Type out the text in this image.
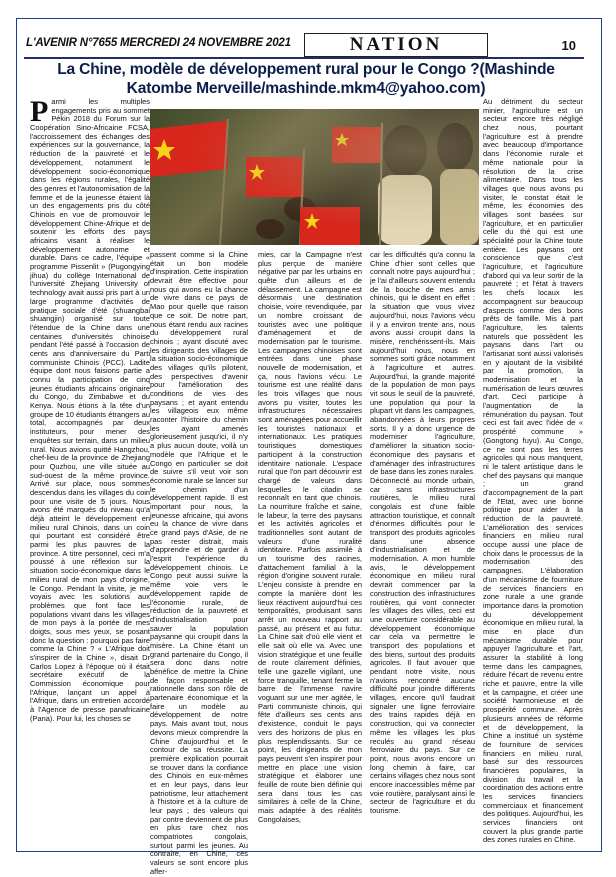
L'AVENIR N°7655 MERCREDI 24 NOVEMBRE 2021	NATION	10
La Chine, modèle de développement rural pour le Congo ?(Mashinde Katombe Merveille/mashinde.mkm4@yahoo.com)
P armi les multiples engagements pris au sommet Pékin 2018 du Forum sur la Coopération Sino-Africaine FCSA, l'accroissement des échanges des expériences sur la gouvernance, la réduction de la pauvreté et le développement, notamment le développement socio-économique dans les régions rurales, l'égalité des genres et l'autonomisation de la femme et de la jeunesse étaient là un des engagements pris du côté Chinois en vue de promouvoir le développement Chine-Afrique et de soutenir les efforts des pays africains visant à réaliser le développement autonome et durable. Dans ce cadre, l'équipe « programme Pissenlit » (Pugongying jihua) du collège International de l'université Zhejiang University of technology avait aussi pris part à un large programme d'activités de pratique sociale d'été (shuangbai shuangjin) organisé sur toute l'étendue de la Chine dans une centaines d'universités chinoise pendant l'été passé à l'occasion de cents ans d'anniversaire du Parti communiste Chinois (PCC). Ladite équipe dont nous faisions partie a connu la participation de cinq jeunes étudiants africains originaire du Congo, du Zimbabwe et du Kenya. Nous étions à la tête d'un groupe de 10 étudiants étrangers au total, accompagnés par deux instituteurs, pour mener des enquêtes sur terrain, dans un milieu rural. Nous avions quitté Hangzhou, chef-lieu de la province de Zhejiang pour Quzhou, une ville située au sud-ouest de la même province. Arrivé sur place, nous sommes descendus dans les villages du coin pour une visite de 5 jours. Nous avons été marqués du niveau qu'a déjà atteint le développement en milieu rural Chinois, dans un coin qui pourtant est considéré être parmi les plus pauvres de la province. A titre personnel, ceci m'a poussé à une réflexion sur la situation socio-économique dans le milieu rural de mon pays d'origine, le Congo. Pendant la visite, je me voyais avec les solutions aux problèmes que font face les populations vivant dans les villages de mon pays à la portée de mes doigts, sous mes yeux, se posant donc la question : pourquoi pas faire comme la Chine ? « L'Afrique doit s'inspirer de la Chine », disait Dr Carlos Lopez à l'époque où il était secrétaire exécutif de la Commission économique pour l'Afrique, lançant un appel à l'Afrique, dans un entretien accordé à l'Agence de presse panafricaine (Pana). Pour lui, les choses se

passent comme si la Chine était un bon modèle d'inspiration. Cette inspiration devrait être effective pour nous qui avons eu la chance de vivre dans ce pays de Mao pour quelle que raison que ce soit. De notre part, nous étant rendu aux racines du développement rural chinois ; ayant discuté avec les dirigeants des villages de la situation socio-économique des villages qu'ils pilotent, des perspectives d'avenir pour l'amélioration des conditions de vies des paysans ; et ayant entendu les villageois eux même raconter l'histoire du chemin les ayant amenés glorieusement jusqu'ici, il n'y a plus aucun doute, voilà un modèle que l'Afrique et le Congo en particulier se doit de suivre s'il veut voir son économie rurale se lancer sur le chemin d'un développement rapide. Il est important pour nous, la jeunesse africaine, qui avons eu la chance de vivre dans ce grand pays d'Asie, de ne pas rester distrait, mais d'apprendre et de garder à l'esprit l'expérience du développement chinois. Le Congo peut aussi suivre la même voie vers le développement rapide de l'économie rurale, de réduction de la pauvreté et d'industrialisation pour sauver la population paysanne qui croupit dans la misère. La Chine étant un grand partenaire du Congo, il sera donc dans notre bénéfice de mettre la Chine de façon responsable et rationnelle dans son rôle de partenaire économique et la faire un modèle au développement de notre pays. Mais avant tout, nous devons mieux comprendre la Chine d'aujourd'hui et le contour de sa réussite. La première explication pourrait se trouver dans la confiance des Chinois en eux-mêmes et en leur pays, dans leur patriotisme, leur attachement à l'histoire et à la culture de leur pays ; des valeurs qui par contre deviennent de plus en plus rare chez nos compatriotes congolais, surtout parmi les jeunes. Au contraire, en Chine, ces valeurs se sont encore plus affer-

mies, car la Campagne n'est plus perçue de manière négative par par les urbains en quête d'un ailleurs et de délassement. La campagne est désormais une destination choisie, voire revendiquée, par un nombre croissant de touristes avec une politique d'aménagement et de modernisation par le tourisme. Les campagnes chinoises sont entrées dans une phase nouvelle de modernisation, et ça, nous l'avions vécu. Le tourisme est une réalité dans les trois villages que nous avons pu visiter, toutes les infrastructures nécessaires sont aménagées pour accueillir les touristes nationaux et internationaux. Les pratiques touristiques domestiques participent à la construction identitaire nationale. L'espace rural que l'on part découvrir est chargé de valeurs dans lesquelles le citadin se reconnaît en tant que chinois. La nourriture fraîche et saine, le labeur, la terre des paysans et les activités agricoles et traditionnelles sont autant de valeurs d'une ruralité identitaire. Parfois assimilé à un tourisme des racines, d'attachement familial à la région d'origine souvent rurale. L'enjeu consiste à prendre en compte la manière dont les lieux réactivent aujourd'hui ces temporalités, produisant sans arrêt un nouveau rapport au passé, au présent et au futur. La Chine sait d'où elle vient et elle sait où elle va. Avec une vision stratégique et une feuille de route clairement définies, telle une gazelle vigilant, une force tranquille, tenant ferme la barre de l'immense navire voguant sur une mer agitée, le Parti communiste chinois, qui fête d'ailleurs ses cents ans d'existence, conduit le pays vers des horizons de plus en plus resplendissants. Sur ce point, les dirigeants de mon pays peuvent s'en inspirer pour mettre en place une vision stratégique et élaborer une feuille de route bien définie qui sera dans tous les cas similaires à celle de la Chine, mais adaptée à des réalités Congolaises,

car les difficultés qu'a connu la Chine d'hier sont celles que connaît notre pays aujourd'hui ; je l'ai d'ailleurs souvent entendu de la bouche de mes amis chinois, qui le disent en effet : la situation que vous vivez aujourd'hui, nous l'avions vécu il y a environ trente ans, nous avons aussi croupit dans la misère, renchérissent-ils. Mais aujourd'hui nous, nous en sommes sorti grâce notamment à l'agriculture et autres. Aujourd'hui, la grande majorité de la population de mon pays vit sous le seuil de la pauvreté, une population qui pour la plupart vit dans les campagnes, abandonnées à leurs propres sorts. Il y a donc urgence de moderniser l'agriculture, d'améliorer la situation socio-économique des paysans et d'aménager des infrastructures de base dans les zones rurales. Déconnecté au monde urbain, car sans infrastructures routières, le milieu rural congolais est d'une faible attraction touristique, et connaît d'énormes difficultés pour le transport des produits agricoles dans une absence d'industrialisation et de modernisation. A mon humble avis, le développement économique en milieu rural devrait commencer par la construction des infrastructures routières, qui vont connecter les villages des villes, ceci est une ouverture considérable au développement économique car cela va permettre le transport des populations et des biens, surtout des produits agricoles. Il faut avouer que pendant notre visite, nous n'avions rencontré aucune difficulté pour joindre différents villages, encore qu'il faudrait signaler une ligne ferroviaire des trains rapides déjà en construction, qui va connecter même les villages les plus reculés au grand réseau ferroviaire du pays. Sur ce point, nous avons encore un long chemin à faire, car certains villages chez nous sont encore inaccessibles même par voie routière, paralysant ainsi le secteur de l'agriculture et du tourisme.

Au détriment du secteur minier, l'agriculture est un secteur encore très négligé chez nous, pourtant l'agriculture est à prendre avec beaucoup d'importance dans l'économie rurale et même nationale pour la résolution de la crise alimentaire. Dans tous les villages que nous avons pu visiter, le constat était le même, les économies des villages sont basées sur l'agriculture, et en particulier celle du thé qui est une spécialité pour la Chine toute entière. Les paysans ont conscience que c'est l'agriculture, et l'agriculture d'abord qui va leur sortir de la pauvreté ; et l'état à travers les chefs locaux les accompagnent sur beaucoup d'aspects comme des bons prêts de famille. Mis à part l'agriculture, les talents naturels que possèdent les paysans dans l'art ou l'artisanat sont aussi valorisés en y ajoutant de la visibilité par la promotion, la modernisation et la numérisation de leurs œuvres d'art. Ceci participe à l'augmentation de la rémunération du paysan. Tout ceci est fait avec l'idée de « prospérité commune » (Gongtong fuyu). Au Congo, ce ne sont pas les terres agricoles qui nous manquent, ni le talent artistique dans le chef des paysans qui manque ; un grand d'accompagnement de la part de l'Etat, avec une bonne politique pour aider à la réduction de la pauvreté. L'amélioration des services financiers en milieu rural occupe aussi une place de choix dans le processus de la modernisation des campagnes. L'élaboration d'un mécanisme de fourniture de services financiers en zone rurale a une grande importance dans la promotion du développement économique en milieu rural, la mise en place d'un mécanisme durable pour appuyer l'agriculture et l'art, assurer la stabilité à long terme dans les campagnes, réduire l'écart de revenu entre riche et pauvre, entre la ville et la campagne, et créer une société harmonieuse et de prospérité commune. Après plusieurs années de réforme et de développement, la Chine a institué un système de fourniture de services financiers en milieu rural, basé sur des ressources financières populaires, la division du travail et la coordination des actions entre les services financiers commerciaux et financement des politiques. Aujourd'hui, les services financiers ont couvert la plus grande partie des zones rurales en Chine.
